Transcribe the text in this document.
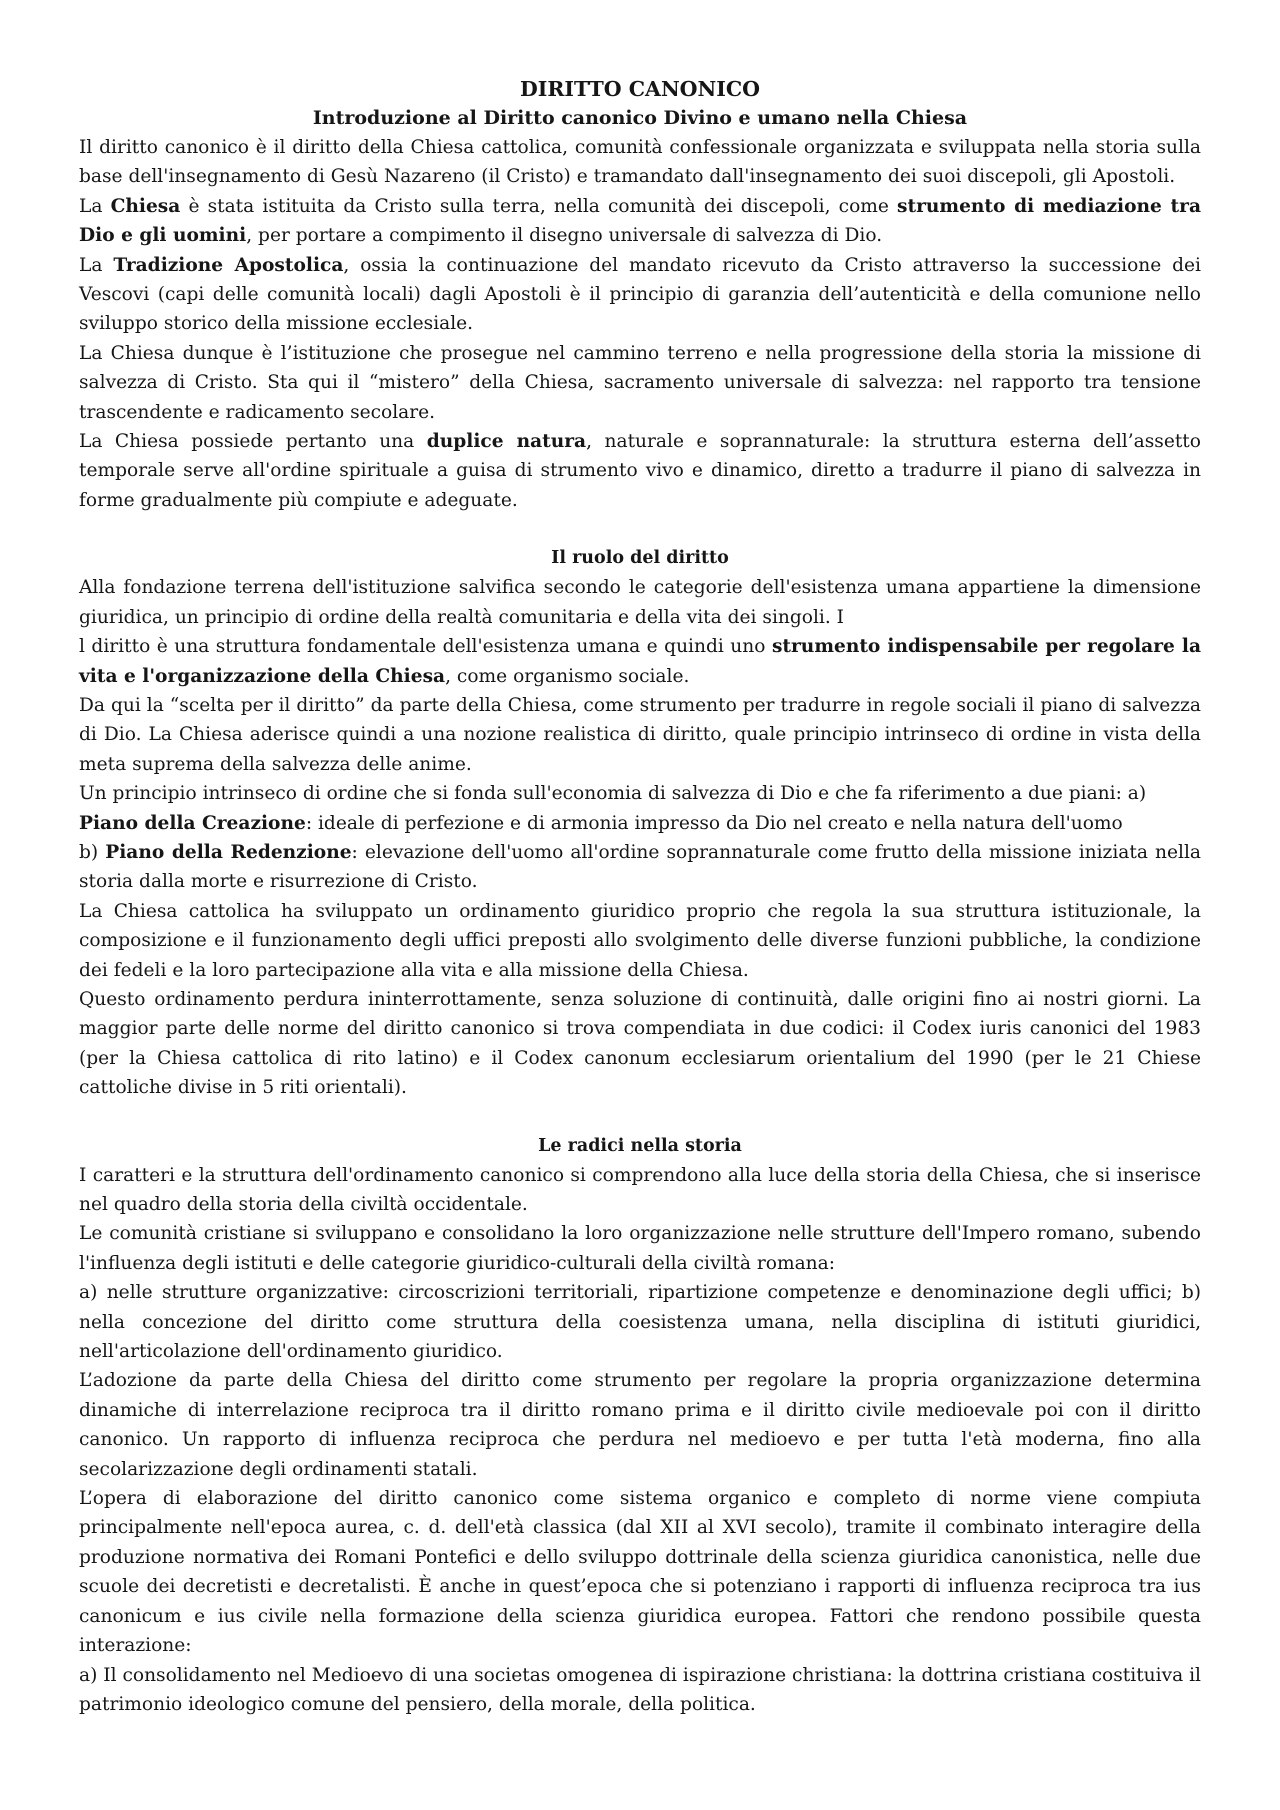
DIRITTO CANONICO
Introduzione al Diritto canonico Divino e umano nella Chiesa

Il diritto canonico è il diritto della Chiesa cattolica, comunità confessionale organizzata e sviluppata nella storia sulla base dell'insegnamento di Gesù Nazareno (il Cristo) e tramandato dall'insegnamento dei suoi discepoli, gli Apostoli.

La Chiesa è stata istituita da Cristo sulla terra, nella comunità dei discepoli, come strumento di mediazione tra Dio e gli uomini, per portare a compimento il disegno universale di salvezza di Dio.

La Tradizione Apostolica, ossia la continuazione del mandato ricevuto da Cristo attraverso la successione dei Vescovi (capi delle comunità locali) dagli Apostoli è il principio di garanzia dell’autenticità e della comunione nello sviluppo storico della missione ecclesiale.

La Chiesa dunque è l’istituzione che prosegue nel cammino terreno e nella progressione della storia la missione di salvezza di Cristo. Sta qui il “mistero” della Chiesa, sacramento universale di salvezza: nel rapporto tra tensione trascendente e radicamento secolare.

La Chiesa possiede pertanto una duplice natura, naturale e soprannaturale: la struttura esterna dell’assetto temporale serve all'ordine spirituale a guisa di strumento vivo e dinamico, diretto a tradurre il piano di salvezza in forme gradualmente più compiute e adeguate.

Il ruolo del diritto

Alla fondazione terrena dell'istituzione salvifica secondo le categorie dell'esistenza umana appartiene la dimensione giuridica, un principio di ordine della realtà comunitaria e della vita dei singoli. I

l diritto è una struttura fondamentale dell'esistenza umana e quindi uno strumento indispensabile per regolare la vita e l'organizzazione della Chiesa, come organismo sociale.

Da qui la “scelta per il diritto” da parte della Chiesa, come strumento per tradurre in regole sociali il piano di salvezza di Dio. La Chiesa aderisce quindi a una nozione realistica di diritto, quale principio intrinseco di ordine in vista della meta suprema della salvezza delle anime.

Un principio intrinseco di ordine che si fonda sull'economia di salvezza di Dio e che fa riferimento a due piani: a)

Piano della Creazione: ideale di perfezione e di armonia impresso da Dio nel creato e nella natura dell'uomo

b) Piano della Redenzione: elevazione dell'uomo all'ordine soprannaturale come frutto della missione iniziata nella storia dalla morte e risurrezione di Cristo.

La Chiesa cattolica ha sviluppato un ordinamento giuridico proprio che regola la sua struttura istituzionale, la composizione e il funzionamento degli uffici preposti allo svolgimento delle diverse funzioni pubbliche, la condizione dei fedeli e la loro partecipazione alla vita e alla missione della Chiesa.

Questo ordinamento perdura ininterrottamente, senza soluzione di continuità, dalle origini fino ai nostri giorni. La maggior parte delle norme del diritto canonico si trova compendiata in due codici: il Codex iuris canonici del 1983 (per la Chiesa cattolica di rito latino) e il Codex canonum ecclesiarum orientalium del 1990 (per le 21 Chiese cattoliche divise in 5 riti orientali).

Le radici nella storia

I caratteri e la struttura dell'ordinamento canonico si comprendono alla luce della storia della Chiesa, che si inserisce nel quadro della storia della civiltà occidentale.

Le comunità cristiane si sviluppano e consolidano la loro organizzazione nelle strutture dell'Impero romano, subendo l'influenza degli istituti e delle categorie giuridico-culturali della civiltà romana:

a) nelle strutture organizzative: circoscrizioni territoriali, ripartizione competenze e denominazione degli uffici; b) nella concezione del diritto come struttura della coesistenza umana, nella disciplina di istituti giuridici, nell'articolazione dell'ordinamento giuridico.

L’adozione da parte della Chiesa del diritto come strumento per regolare la propria organizzazione determina dinamiche di interrelazione reciproca tra il diritto romano prima e il diritto civile medioevale poi con il diritto canonico. Un rapporto di influenza reciproca che perdura nel medioevo e per tutta l'età moderna, fino alla secolarizzazione degli ordinamenti statali.

L’opera di elaborazione del diritto canonico come sistema organico e completo di norme viene compiuta principalmente nell'epoca aurea, c. d. dell'età classica (dal XII al XVI secolo), tramite il combinato interagire della produzione normativa dei Romani Pontefici e dello sviluppo dottrinale della scienza giuridica canonistica, nelle due scuole dei decretisti e decretalisti. È anche in quest’epoca che si potenziano i rapporti di influenza reciproca tra ius canonicum e ius civile nella formazione della scienza giuridica europea. Fattori che rendono possibile questa interazione:

a) Il consolidamento nel Medioevo di una societas omogenea di ispirazione christiana: la dottrina cristiana costituiva il patrimonio ideologico comune del pensiero, della morale, della politica.
